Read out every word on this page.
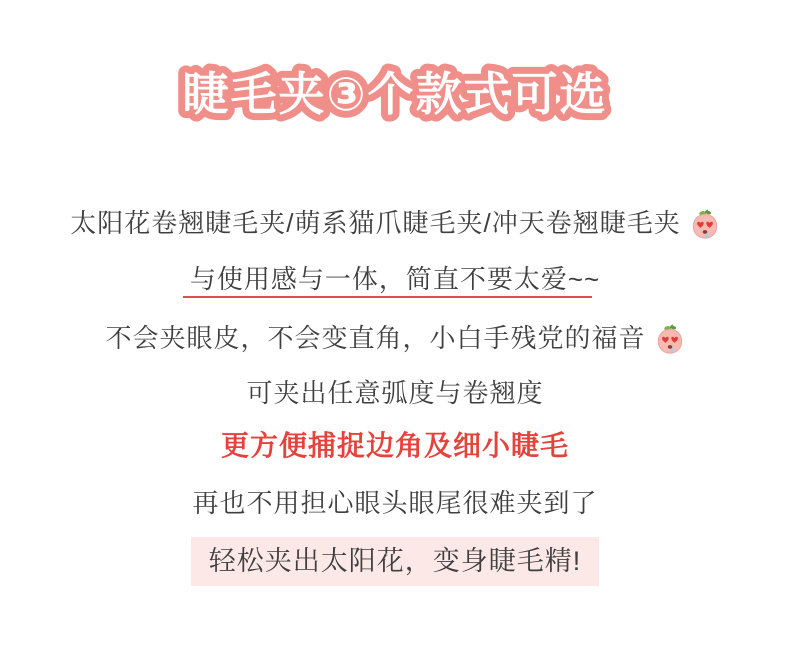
睫毛夹③个款式可选
太阳花卷翘睫毛夹/萌系猫爪睫毛夹/冲天卷翘睫毛夹
与使用感与一体，简直不要太爱~~
不会夹眼皮，不会变直角，小白手残党的福音
可夹出任意弧度与卷翘度
更方便捕捉边角及细小睫毛
再也不用担心眼头眼尾很难夹到了
轻松夹出太阳花，变身睫毛精!
